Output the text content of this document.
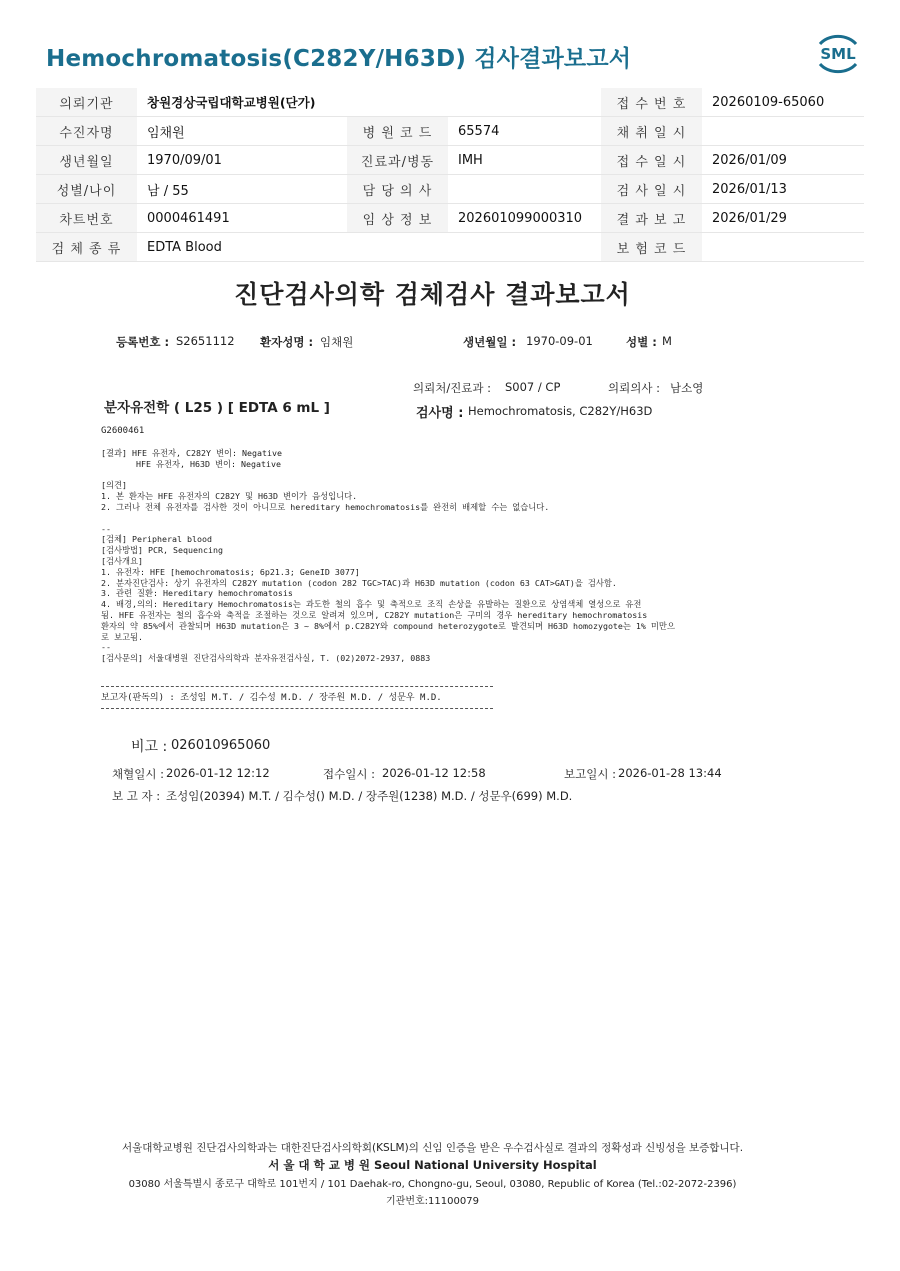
Hemochromatosis(C282Y/H63D) 검사결과보고서	SML
의뢰기관	창원경상국립대학교병원(단가)			접 수 번 호	20260109-65060
수진자명	임채원	병 원 코 드	65574	채 취 일 시	
생년월일	1970/09/01	진료과/병동	IMH	접 수 일 시	2026/01/09
성별/나이	남 / 55	담 당 의 사		검 사 일 시	2026/01/13
차트번호	0000461491	임 상 정 보	202601099000310	결 과 보 고	2026/01/29
검 체 종 류	EDTA Blood			보 험 코 드	
진단검사의학 검체검사 결과보고서
등록번호 : S2651112 환자성명 : 임채원	생년월일 : 1970-09-01	성별 : M
의뢰처/진료과 : S007 / CP	의뢰의사 : 남소영
분자유전학 ( L25 ) [ EDTA 6 mL ]	검사명 : Hemochromatosis, C282Y/H63D
G2600461
[결과] HFE 유전자, C282Y 변이: Negative
HFE 유전자, H63D 변이: Negative

[의견]
1. 본 환자는 HFE 유전자의 C282Y 및 H63D 변이가 음성입니다.
2. 그러나 전체 유전자를 검사한 것이 아니므로 hereditary hemochromatosis를 완전히 배제할 수는 없습니다.

--
[검체] Peripheral blood
[검사방법] PCR, Sequencing
[검사개요]
1. 유전자: HFE [hemochromatosis; 6p21.3; GeneID 3077]
2. 분자진단검사: 상기 유전자의 C282Y mutation (codon 282 TGC>TAC)과 H63D mutation (codon 63 CAT>GAT)을 검사함.
3. 관련 질환: Hereditary hemochromatosis
4. 배경,의의: Hereditary Hemochromatosis는 과도한 철의 흡수 및 축적으로 조직 손상을 유발하는 질환으로 상염색체 열성으로 유전
됨. HFE 유전자는 철의 흡수와 축적을 조절하는 것으로 알려져 있으며, C282Y mutation은 구미의 경우 hereditary hemochromatosis
환자의 약 85%에서 관찰되며 H63D mutation은 3 ~ 8%에서 p.C282Y와 compound heterozygote로 발견되며 H63D homozygote는 1% 미만으
로 보고됨.
--
[검사문의] 서울대병원 진단검사의학과 분자유전검사실, T. (02)2072-2937, 0883
보고자(판독의) : 조성임 M.T. / 김수성 M.D. / 장주원 M.D. / 성문우 M.D.
비고 : 026010965060
채혈일시 : 2026-01-12 12:12	접수일시 : 2026-01-12 12:58	보고일시 : 2026-01-28 13:44
보 고 자 : 조성임(20394) M.T. / 김수성() M.D. / 장주원(1238) M.D. / 성문우(699) M.D.
서울대학교병원 진단검사의학과는 대한진단검사의학회(KSLM)의 신임 인증을 받은 우수검사실로 결과의 정확성과 신빙성을 보증합니다.
서 울 대 학 교 병 원 Seoul National University Hospital
03080 서울특별시 종로구 대학로 101번지 / 101 Daehak-ro, Chongno-gu, Seoul, 03080, Republic of Korea (Tel.:02-2072-2396)
기관번호:11100079
